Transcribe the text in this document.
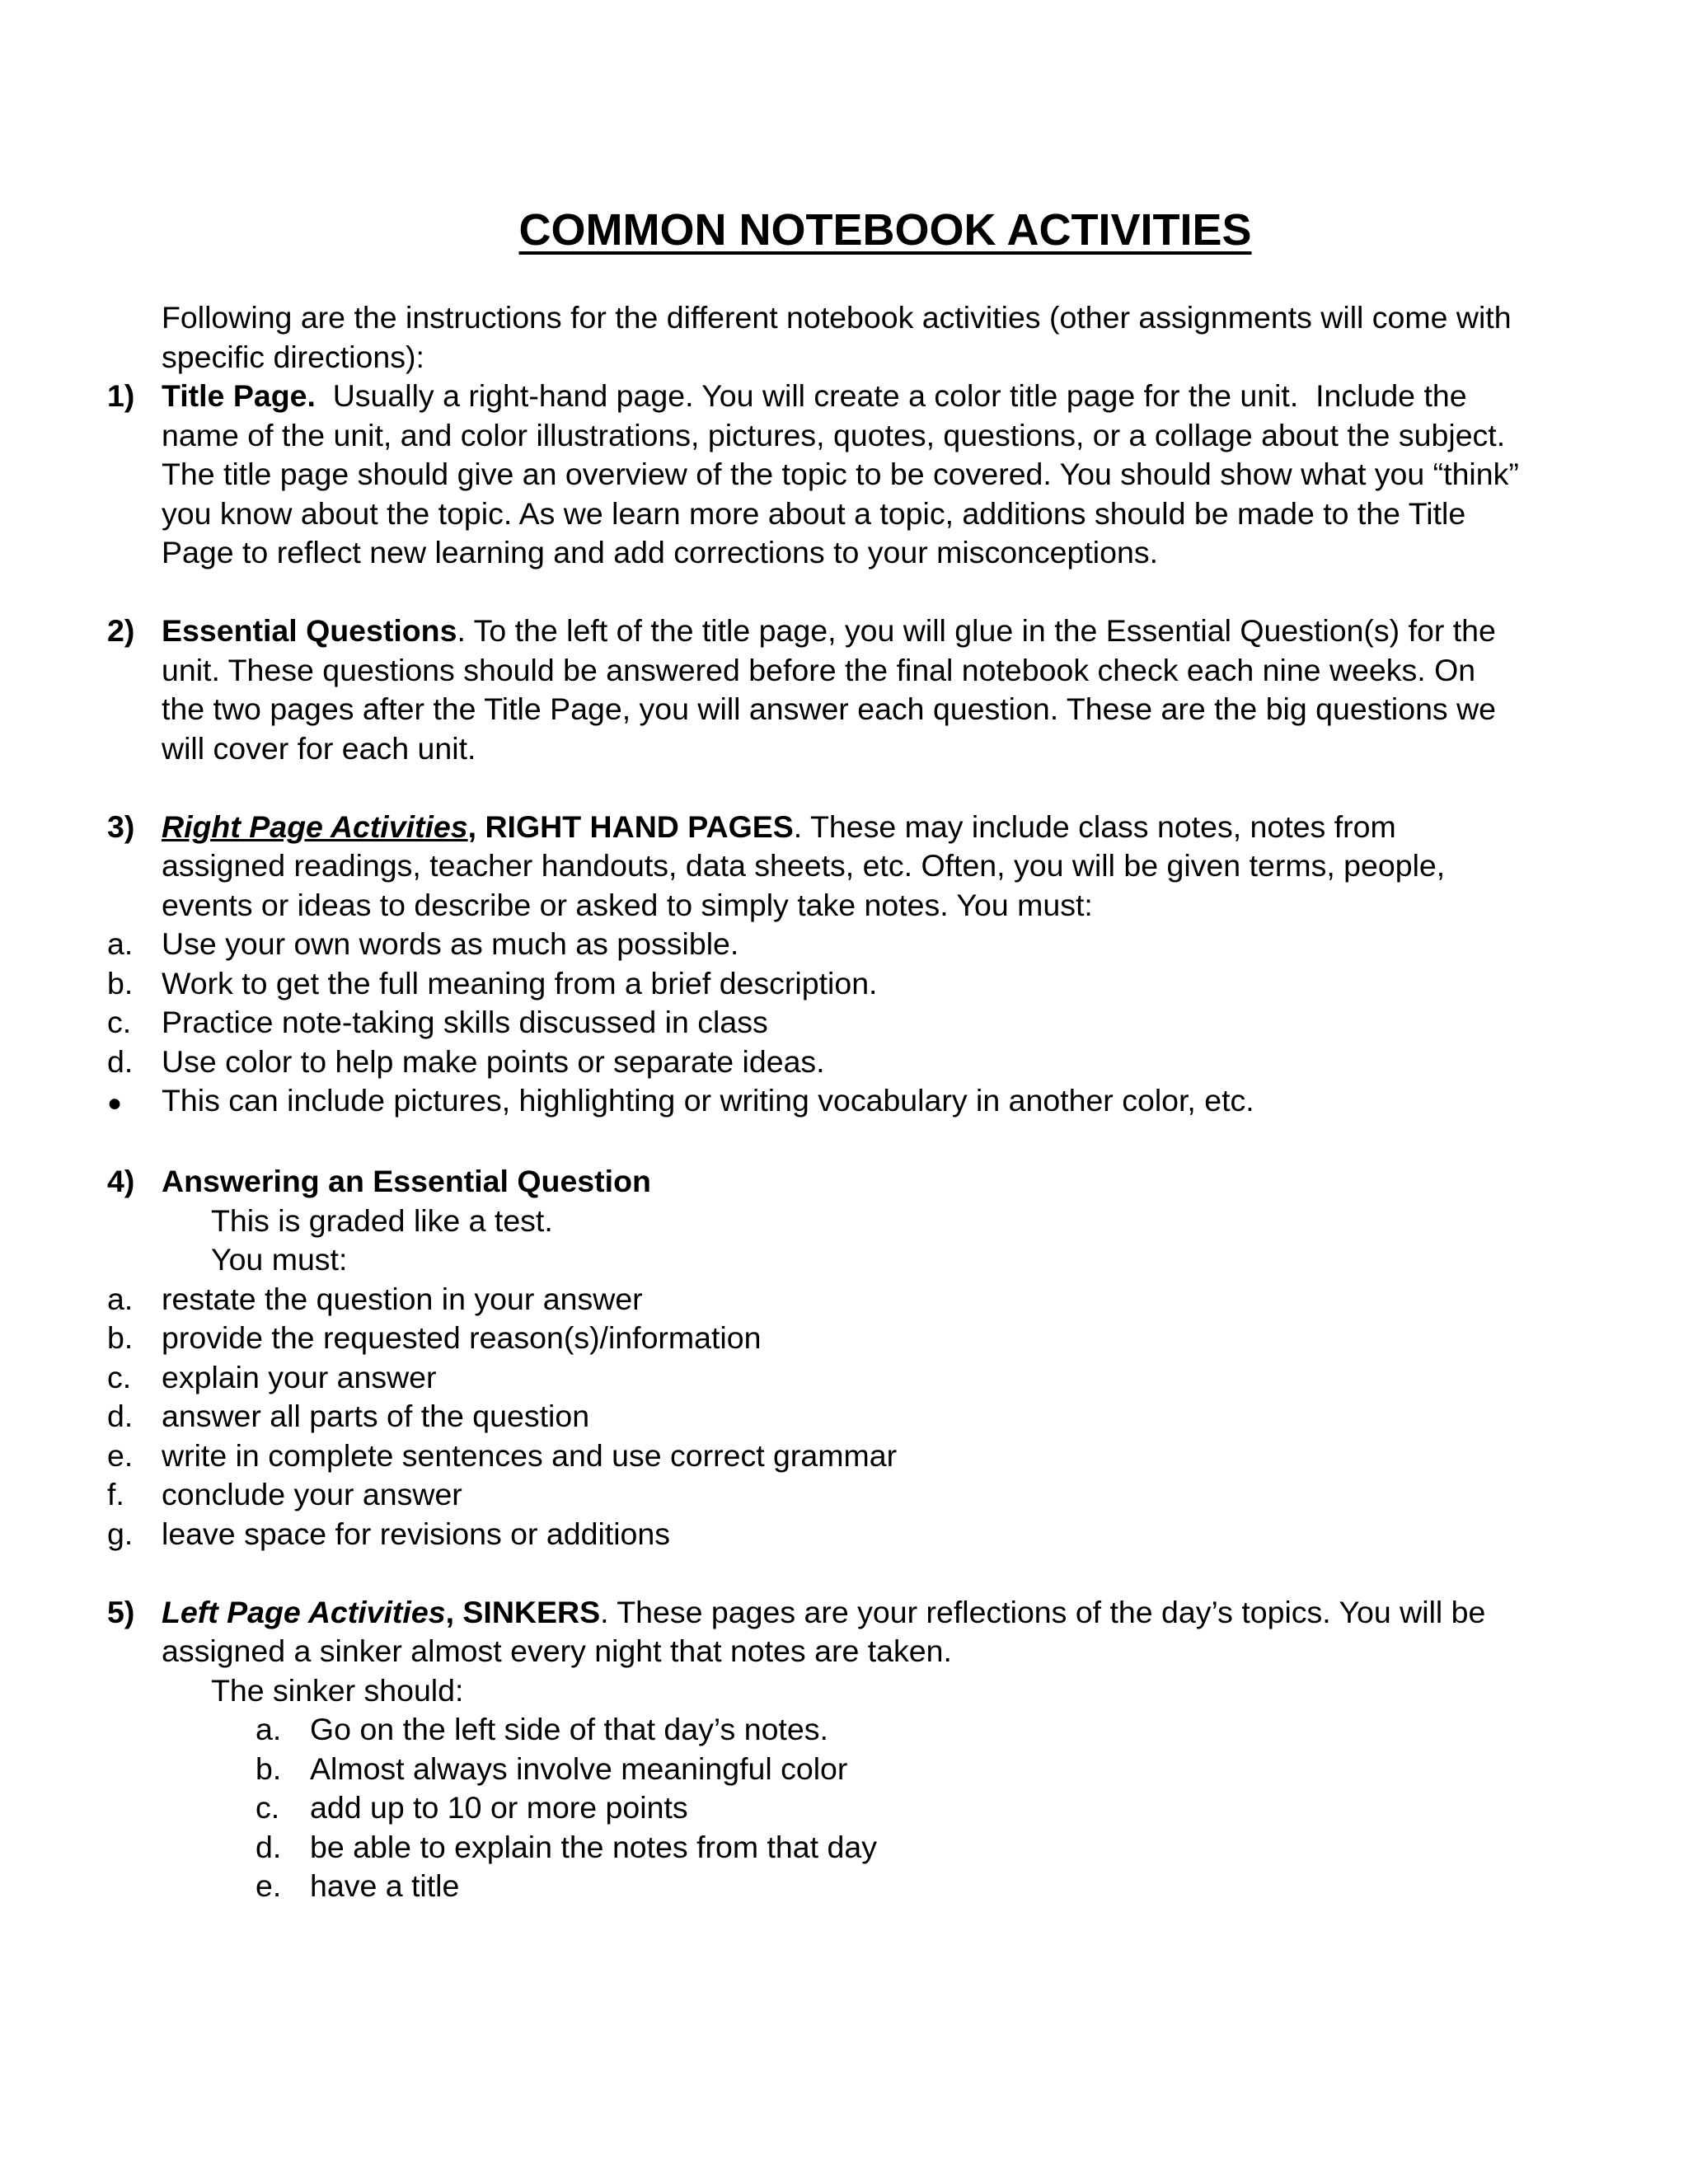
COMMON NOTEBOOK ACTIVITIES

Following are the instructions for the different notebook activities (other assignments will come with specific directions):

1) Title Page.  Usually a right-hand page. You will create a color title page for the unit.  Include the name of the unit, and color illustrations, pictures, quotes, questions, or a collage about the subject. The title page should give an overview of the topic to be covered. You should show what you “think” you know about the topic. As we learn more about a topic, additions should be made to the Title Page to reflect new learning and add corrections to your misconceptions.
2) Essential Questions. To the left of the title page, you will glue in the Essential Question(s) for the unit. These questions should be answered before the final notebook check each nine weeks. On the two pages after the Title Page, you will answer each question. These are the big questions we will cover for each unit.
3) Right Page Activities, RIGHT HAND PAGES. These may include class notes, notes from assigned readings, teacher handouts, data sheets, etc. Often, you will be given terms, people, events or ideas to describe or asked to simply take notes. You must:
a. Use your own words as much as possible.
b. Work to get the full meaning from a brief description.
c. Practice note-taking skills discussed in class
d. Use color to help make points or separate ideas.
●	This can include pictures, highlighting or writing vocabulary in another color, etc.
4) Answering an Essential Question
This is graded like a test.
You must:
a. restate the question in your answer
b. provide the requested reason(s)/information
c. explain your answer
d. answer all parts of the question
e. write in complete sentences and use correct grammar
f.	conclude your answer
g. leave space for revisions or additions
5) Left Page Activities, SINKERS. These pages are your reflections of the day’s topics. You will be assigned a sinker almost every night that notes are taken.
The sinker should:
a. Go on the left side of that day’s notes.
b. Almost always involve meaningful color
c. add up to 10 or more points
d. be able to explain the notes from that day
e. have a title
